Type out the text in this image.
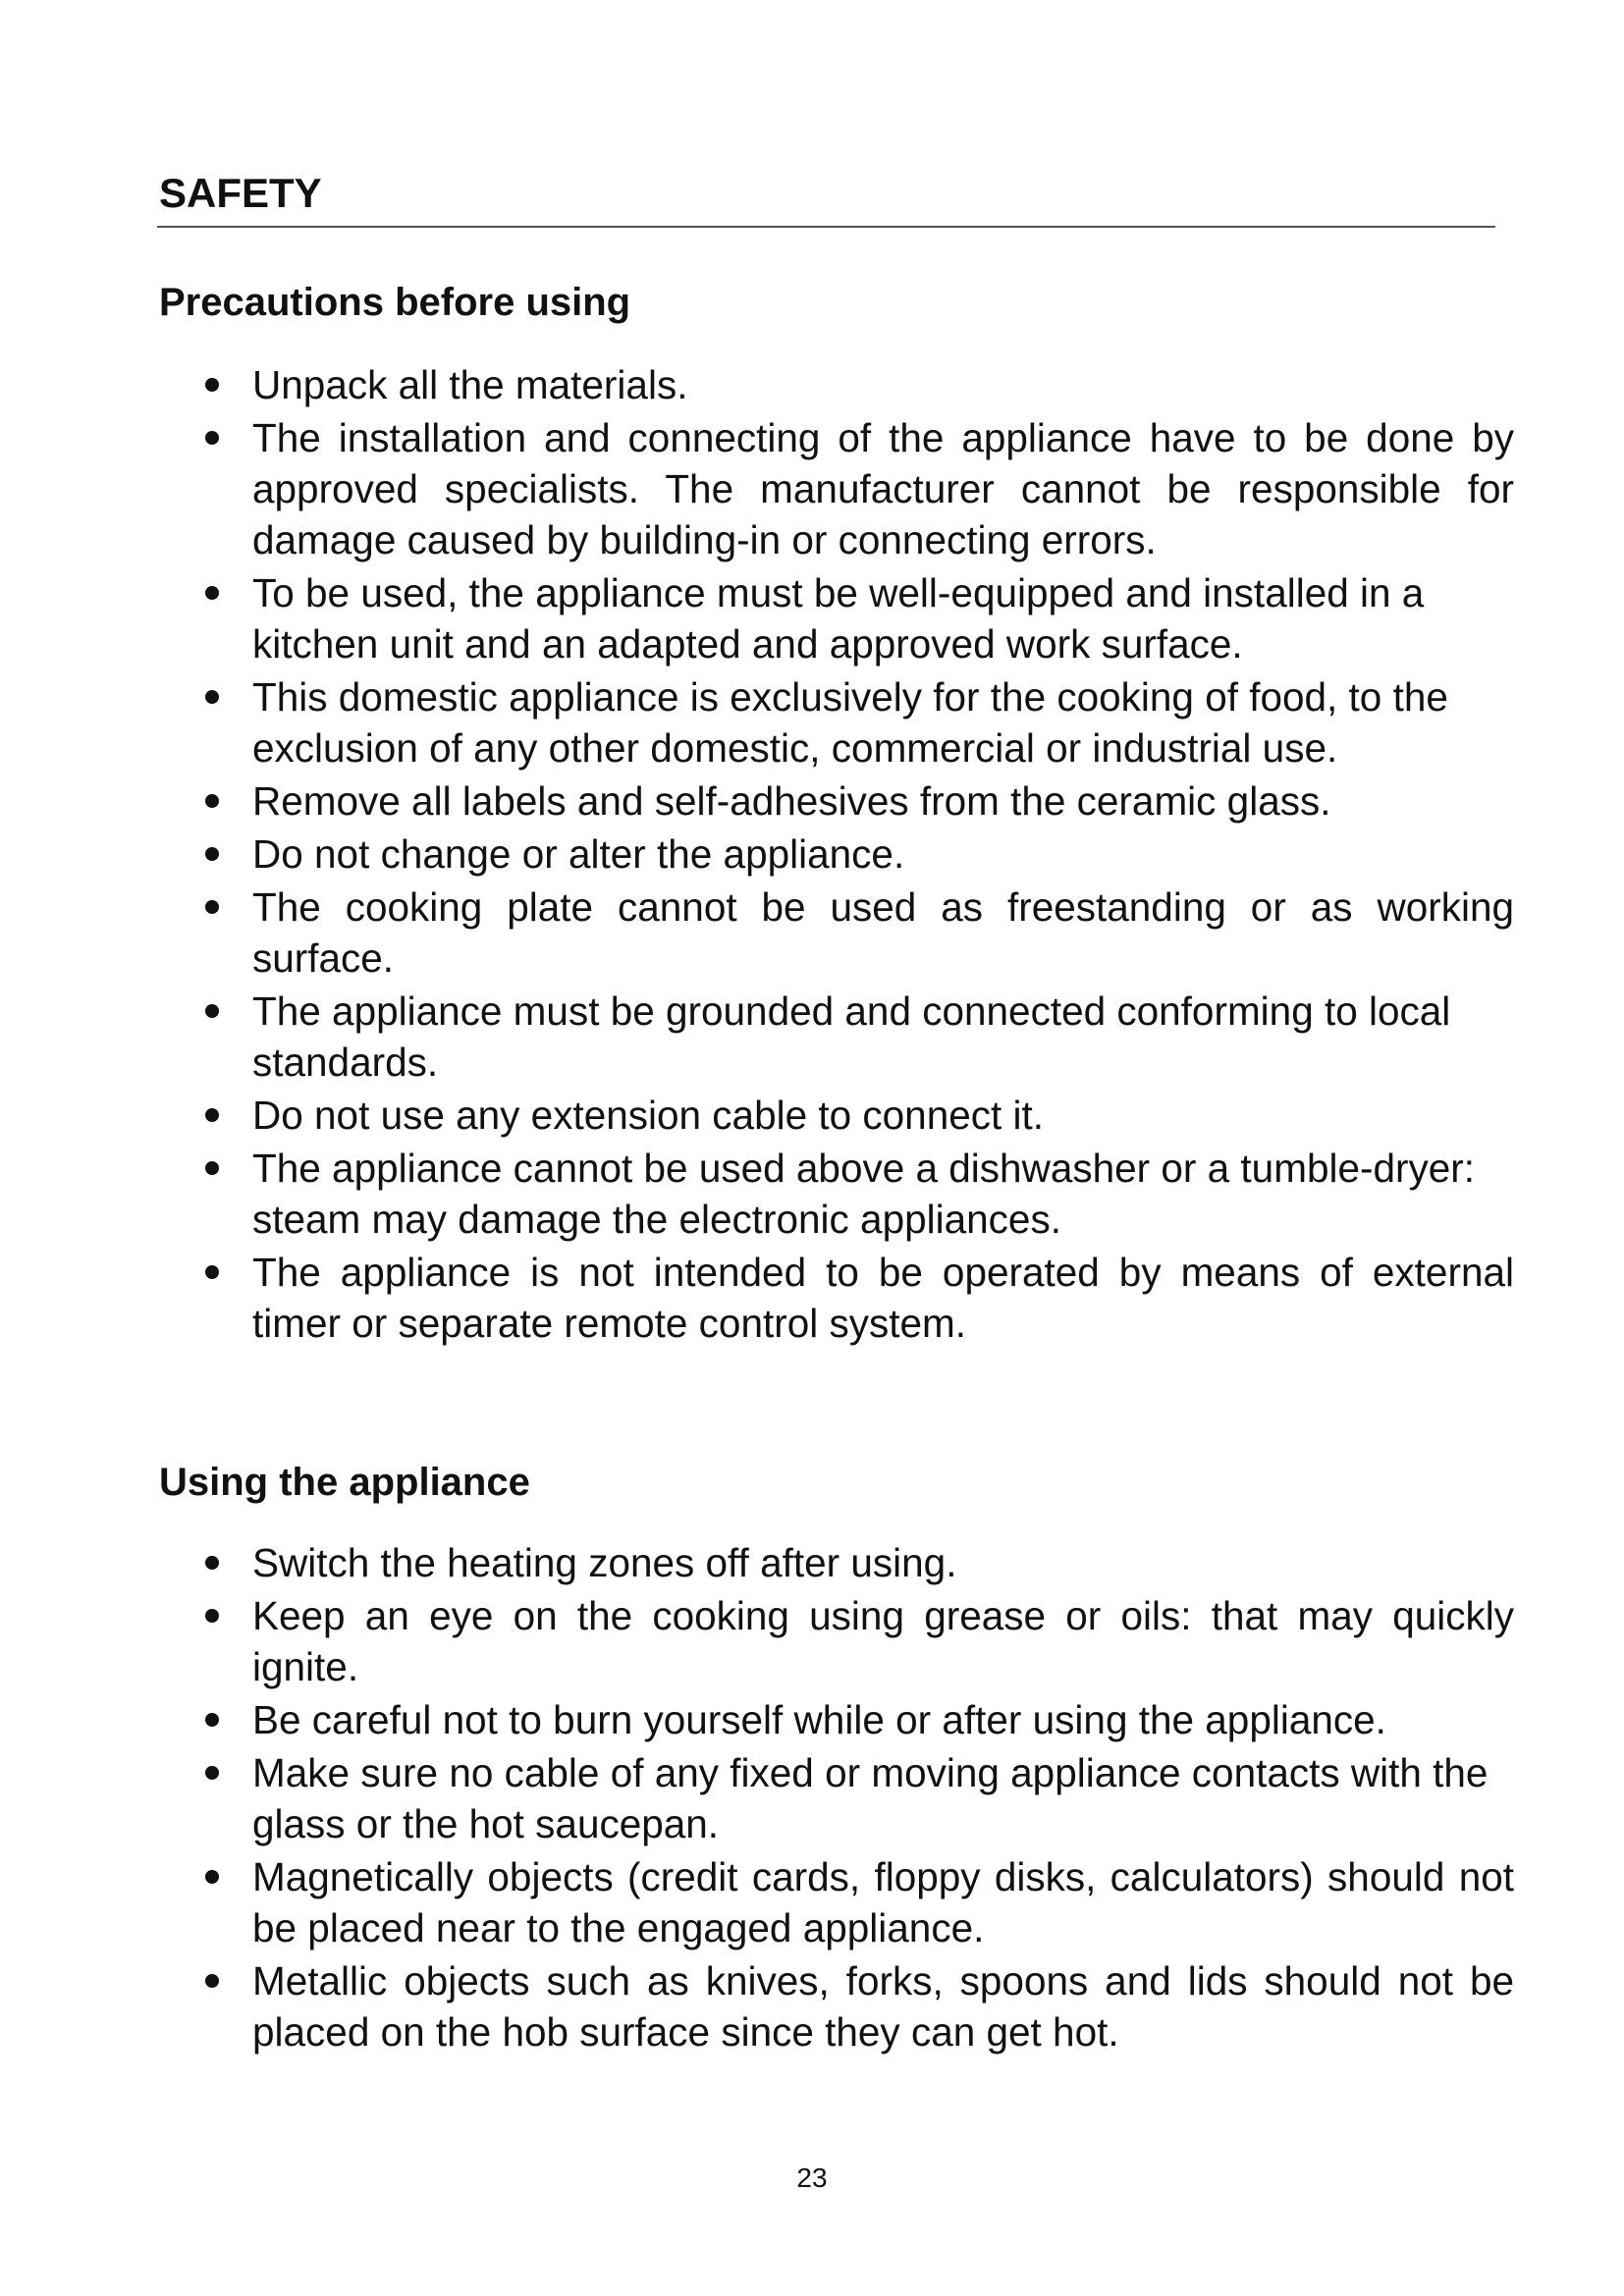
SAFETY
Precautions before using
Unpack all the materials.
The installation and connecting of the appliance have to be done by approved specialists. The manufacturer cannot be responsible for damage caused by building-in or connecting errors.
To be used, the appliance must be well-equipped and installed in a kitchen unit and an adapted and approved work surface.
This domestic appliance is exclusively for the cooking of food, to the exclusion of any other domestic, commercial or industrial use.
Remove all labels and self-adhesives from the ceramic glass.
Do not change or alter the appliance.
The cooking plate cannot be used as freestanding or as working surface.
The appliance must be grounded and connected conforming to local standards.
Do not use any extension cable to connect it.
The appliance cannot be used above a dishwasher or a tumble-dryer: steam may damage the electronic appliances.
The appliance is not intended to be operated by means of external timer or separate remote control system.
Using the appliance
Switch the heating zones off after using.
Keep an eye on the cooking using grease or oils: that may quickly ignite.
Be careful not to burn yourself while or after using the appliance.
Make sure no cable of any fixed or moving appliance contacts with the glass or the hot saucepan.
Magnetically objects (credit cards, floppy disks, calculators) should not be placed near to the engaged appliance.
Metallic objects such as knives, forks, spoons and lids should not be placed on the hob surface since they can get hot.
23
